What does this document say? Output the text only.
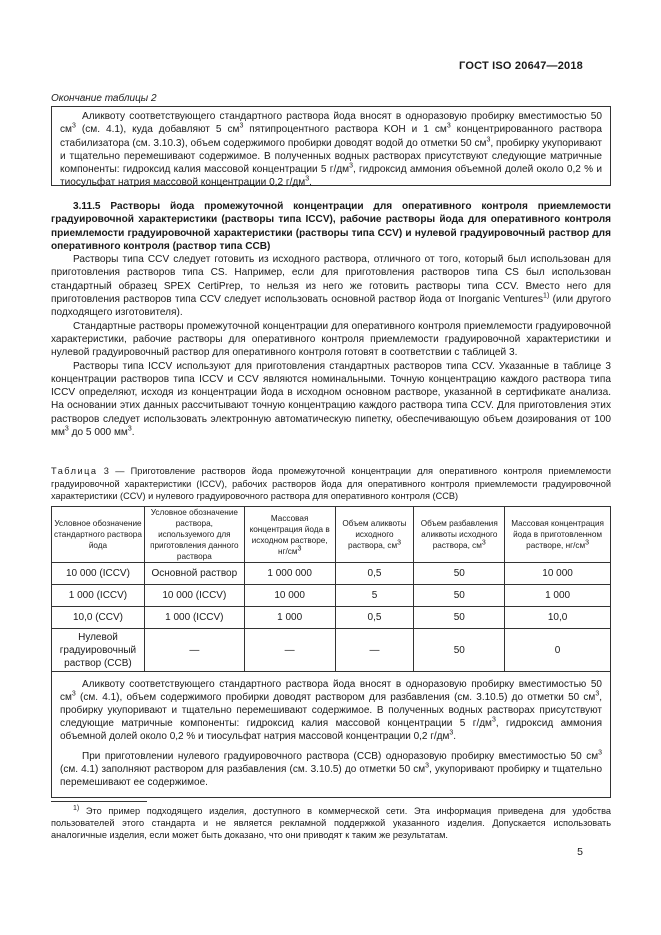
ГОСТ ISO 20647—2018
Окончание таблицы 2

Аликвоту соответствующего стандартного раствора йода вносят в одноразовую пробирку вместимостью 50 $см^3$ (см. 4.1), куда добавляют 5 $см^3$ пятипроцентного раствора KOH и 1 $см^3$ концентрированного раствора стабилизатора (см. 3.10.3), объем содержимого пробирки доводят водой до отметки 50 $см^3$, пробирку укупоривают и тщательно перемешивают содержимое. В полученных водных растворах присутствуют следующие матричные компоненты: гидроксид калия массовой концентрации 5 $г/дм^3$, гидроксид аммония объемной долей около 0,2 % и тиосульфат натрия массовой концентрации 0,2 $г/дм^3$.

3.11.5 Растворы йода промежуточной концентрации для оперативного контроля приемлемости градуировочной характеристики (растворы типа ICCV), рабочие растворы йода для оперативного контроля приемлемости градуировочной характеристики (растворы типа CCV) и нулевой градуировочный раствор для оперативного контроля (раствор типа CCB)

Растворы типа CCV следует готовить из исходного раствора, отличного от того, который был использован для приготовления растворов типа CS. Например, если для приготовления растворов типа CS был использован стандартный образец SPEX CertiPrep, то нельзя из него же готовить растворы типа CCV. Вместо него для приготовления растворов типа CCV следует использовать основной раствор йода от Inorganic Ventures$^{1)}$ (или другого подходящего изготовителя).

Стандартные растворы промежуточной концентрации для оперативного контроля приемлемости градуировочной характеристики, рабочие растворы для оперативного контроля приемлемости градуировочной характеристики и нулевой градуировочный раствор для оперативного контроля готовят в соответствии с таблицей 3.

Растворы типа ICCV используют для приготовления стандартных растворов типа CCV. Указанные в таблице 3 концентрации растворов типа ICCV и CCV являются номинальными. Точную концентрацию каждого раствора типа ICCV определяют, исходя из концентрации йода в исходном основном растворе, указанной в сертификате анализа. На основании этих данных рассчитывают точную концентрацию каждого раствора типа CCV. Для приготовления этих растворов следует использовать электронную автоматическую пипетку, обеспечивающую объем дозирования от 100 $мм^3$ до 5 000 $мм^3$.

Таблица 3 — Приготовление растворов йода промежуточной концентрации для оперативного контроля приемлемости градуировочной характеристики (ICCV), рабочих растворов йода для оперативного контроля приемлемости градуировочной характеристики (CCV) и нулевого градуировочного раствора для оперативного контроля (CCB)
Условное обозначение стандартного раствора йода	Условное обозначение раствора, используемого для приготовления данного раствора	Массовая концентрация йода в исходном растворе, $нг/см^3$	Объем аликвоты исходного раствора, $см^3$	Объем разбавления аликвоты исходного раствора, $см^3$	Массовая концентрация йода в приготовленном растворе, $нг/см^3$
10 000 (ICCV)	Основной раствор	1 000 000	0,5	50	10 000
1 000 (ICCV)	10 000 (ICCV)	10 000	5	50	1 000
10,0 (CCV)	1 000 (ICCV)	1 000	0,5	50	10,0
Нулевой градуировочный раствор (CCB)	—	—	—	50	0

Аликвоту соответствующего стандартного раствора йода вносят в одноразовую пробирку вместимостью 50 $см^3$ (см. 4.1), объем содержимого пробирки доводят раствором для разбавления (см. 3.10.5) до отметки 50 $см^3$, пробирку укупоривают и тщательно перемешивают содержимое. В полученных водных растворах присутствуют следующие матричные компоненты: гидроксид калия массовой концентрации 5 $г/дм^3$, гидроксид аммония объемной долей около 0,2 % и тиосульфат натрия массовой концентрации 0,2 $г/дм^3$.

При приготовлении нулевого градуировочного раствора (CCB) одноразовую пробирку вместимостью 50 $см^3$ (см. 4.1) заполняют раствором для разбавления (см. 3.10.5) до отметки 50 $см^3$, укупоривают пробирку и тщательно перемешивают ее содержимое.					

$^{1)}$ Это пример подходящего изделия, доступного в коммерческой сети. Эта информация приведена для удобства пользователей этого стандарта и не является рекламной поддержкой указанного изделия. Допускается использовать аналогичные изделия, если может быть доказано, что они приводят к таким же результатам.
5
